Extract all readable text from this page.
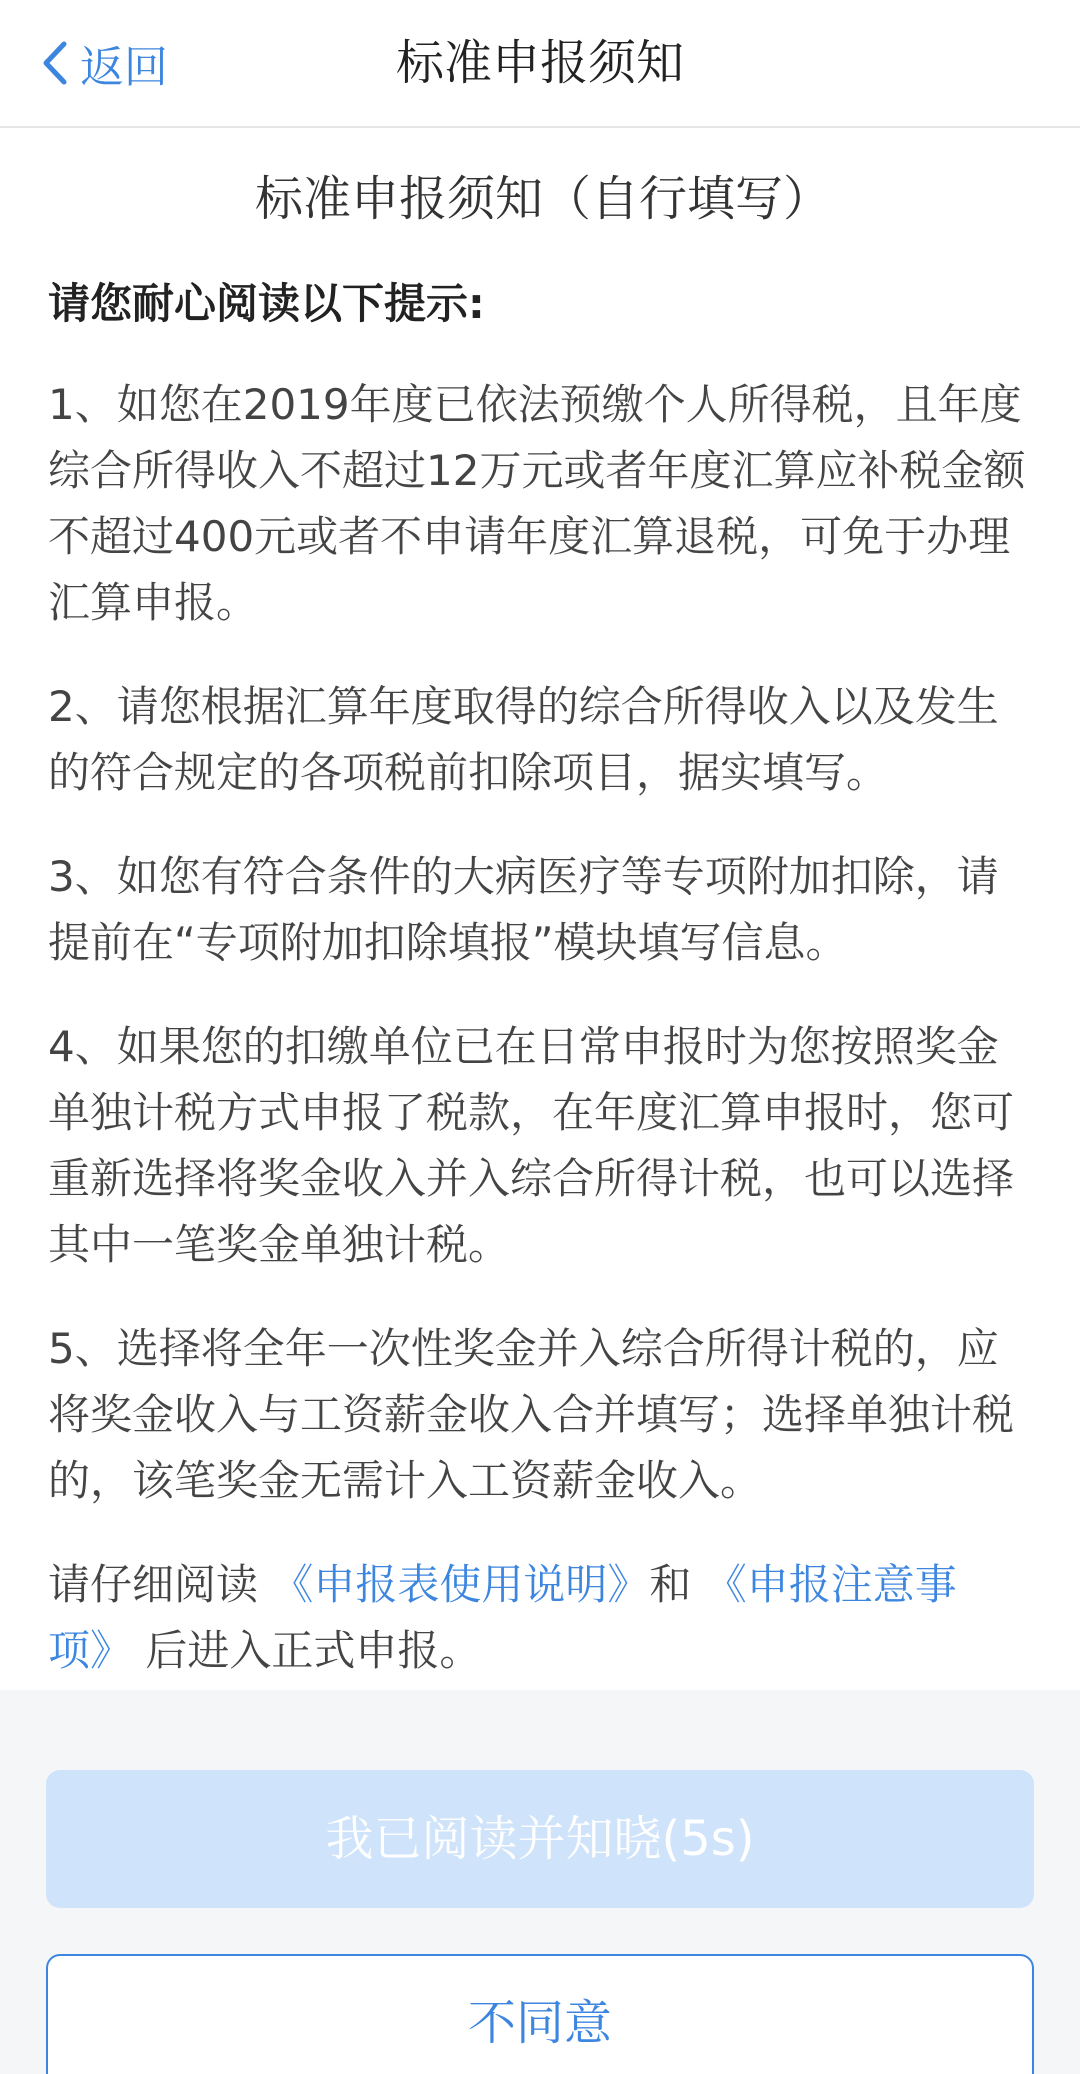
返回	标准申报须知
标准申报须知（自行填写）
请您耐心阅读以下提示:
1、如您在2019年度已依法预缴个人所得税，且年度综合所得收入不超过12万元或者年度汇算应补税金额不超过400元或者不申请年度汇算退税，可免于办理汇算申报。
2、请您根据汇算年度取得的综合所得收入以及发生的符合规定的各项税前扣除项目，据实填写。
3、如您有符合条件的大病医疗等专项附加扣除，请提前在“专项附加扣除填报”模块填写信息。
4、如果您的扣缴单位已在日常申报时为您按照奖金单独计税方式申报了税款，在年度汇算申报时，您可重新选择将奖金收入并入综合所得计税，也可以选择其中一笔奖金单独计税。
5、选择将全年一次性奖金并入综合所得计税的，应将奖金收入与工资薪金收入合并填写；选择单独计税的，该笔奖金无需计入工资薪金收入。
请仔细阅读 《申报表使用说明》和 《申报注意事项》 后进入正式申报。
我已阅读并知晓(5s)
不同意
